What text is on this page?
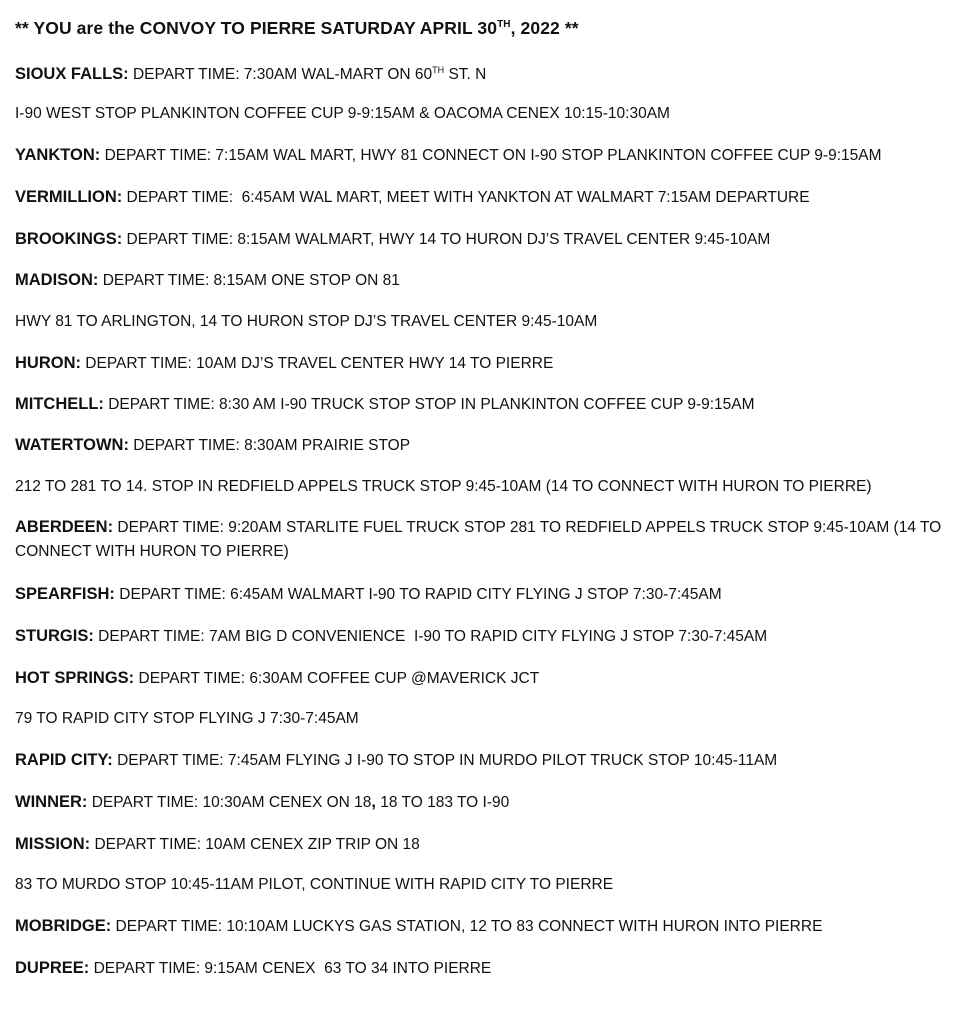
** YOU are the CONVOY TO PIERRE SATURDAY APRIL 30TH, 2022 **
SIOUX FALLS: DEPART TIME: 7:30AM WAL-MART ON 60TH ST. N
I-90 WEST STOP PLANKINTON COFFEE CUP 9-9:15AM & OACOMA CENEX 10:15-10:30AM
YANKTON: DEPART TIME: 7:15AM WAL MART, HWY 81 CONNECT ON I-90 STOP PLANKINTON COFFEE CUP 9-9:15AM
VERMILLION: DEPART TIME:  6:45AM WAL MART, MEET WITH YANKTON AT WALMART 7:15AM DEPARTURE
BROOKINGS: DEPART TIME: 8:15AM WALMART, HWY 14 TO HURON DJ’S TRAVEL CENTER 9:45-10AM
MADISON: DEPART TIME: 8:15AM ONE STOP ON 81
HWY 81 TO ARLINGTON, 14 TO HURON STOP DJ’S TRAVEL CENTER 9:45-10AM
HURON: DEPART TIME: 10AM DJ’S TRAVEL CENTER HWY 14 TO PIERRE
MITCHELL: DEPART TIME: 8:30 AM I-90 TRUCK STOP STOP IN PLANKINTON COFFEE CUP 9-9:15AM
WATERTOWN: DEPART TIME: 8:30AM PRAIRIE STOP
212 TO 281 TO 14. STOP IN REDFIELD APPELS TRUCK STOP 9:45-10AM (14 TO CONNECT WITH HURON TO PIERRE)
ABERDEEN: DEPART TIME: 9:20AM STARLITE FUEL TRUCK STOP 281 TO REDFIELD APPELS TRUCK STOP 9:45-10AM (14 TO CONNECT WITH HURON TO PIERRE)
SPEARFISH: DEPART TIME: 6:45AM WALMART I-90 TO RAPID CITY FLYING J STOP 7:30-7:45AM
STURGIS: DEPART TIME: 7AM BIG D CONVENIENCE  I-90 TO RAPID CITY FLYING J STOP 7:30-7:45AM
HOT SPRINGS: DEPART TIME: 6:30AM COFFEE CUP @MAVERICK JCT
79 TO RAPID CITY STOP FLYING J 7:30-7:45AM
RAPID CITY: DEPART TIME: 7:45AM FLYING J I-90 TO STOP IN MURDO PILOT TRUCK STOP 10:45-11AM
WINNER: DEPART TIME: 10:30AM CENEX ON 18, 18 TO 183 TO I-90
MISSION: DEPART TIME: 10AM CENEX ZIP TRIP ON 18
83 TO MURDO STOP 10:45-11AM PILOT, CONTINUE WITH RAPID CITY TO PIERRE
MOBRIDGE: DEPART TIME: 10:10AM LUCKYS GAS STATION, 12 TO 83 CONNECT WITH HURON INTO PIERRE
DUPREE: DEPART TIME: 9:15AM CENEX  63 TO 34 INTO PIERRE
